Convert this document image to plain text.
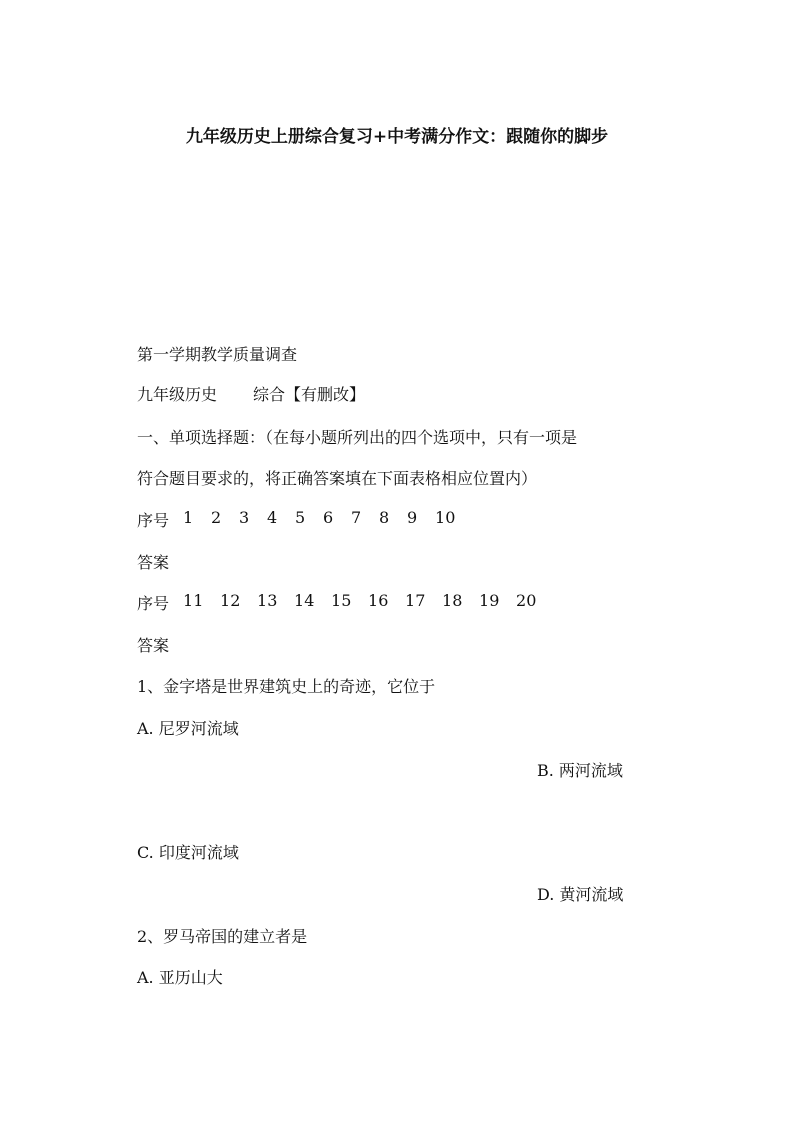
九年级历史上册综合复习+中考满分作文：跟随你的脚步
第一学期教学质量调查
九年级历史 综合【有删改】
一、单项选择题：（在每小题所列出的四个选项中，只有一项是
符合题目要求的，将正确答案填在下面表格相应位置内）
序号 1	2	3	4	5	6	7	8	9	10
答案
序号 11	12	13	14	15	16	17	18	19	20
答案
1、金字塔是世界建筑史上的奇迹，它位于
A. 尼罗河流域
B. 两河流域
C. 印度河流域
D. 黄河流域
2、罗马帝国的建立者是
A. 亚历山大
